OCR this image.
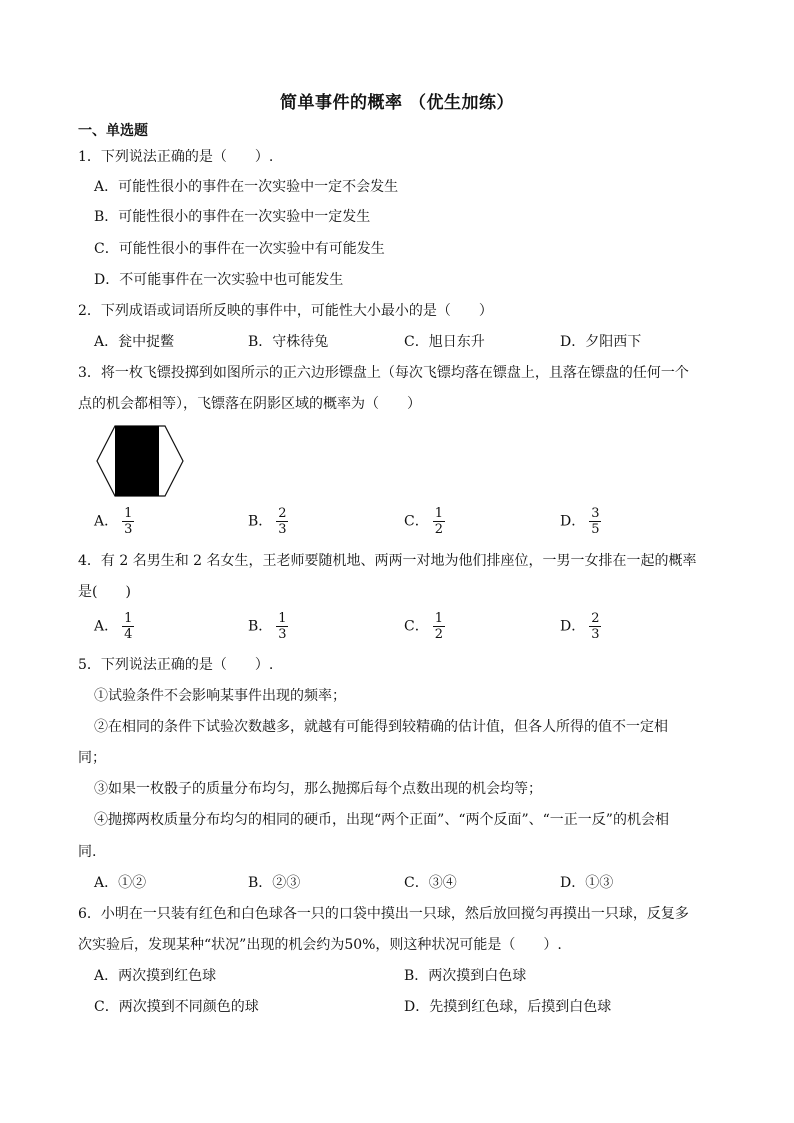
简单事件的概率 （优生加练）
一、单选题
1．下列说法正确的是（　　）.
A．可能性很小的事件在一次实验中一定不会发生
B．可能性很小的事件在一次实验中一定发生
C．可能性很小的事件在一次实验中有可能发生
D．不可能事件在一次实验中也可能发生
2．下列成语或词语所反映的事件中，可能性大小最小的是（　　）
A．瓮中捉鳖	B．守株待兔	C．旭日东升	D．夕阳西下
3．将一枚飞镖投掷到如图所示的正六边形镖盘上（每次飞镖均落在镖盘上，且落在镖盘的任何一个
点的机会都相等），飞镖落在阴影区域的概率为（　　）
A． $\frac{1}{3}$	B． $\frac{2}{3}$	C． $\frac{1}{2}$	D． $\frac{3}{5}$
4．有 2 名男生和 2 名女生，王老师要随机地、两两一对地为他们排座位，一男一女排在一起的概率
是(　　)
A． $\frac{1}{4}$	B． $\frac{1}{3}$	C． $\frac{1}{2}$	D． $\frac{2}{3}$
5．下列说法正确的是（　　）.
①试验条件不会影响某事件出现的频率；
②在相同的条件下试验次数越多，就越有可能得到较精确的估计值，但各人所得的值不一定相
同；
③如果一枚骰子的质量分布均匀，那么抛掷后每个点数出现的机会均等；
④抛掷两枚质量分布均匀的相同的硬币，出现“两个正面”、“两个反面”、“一正一反”的机会相
同.
A．①②	B．②③	C．③④	D．①③
6．小明在一只装有红色和白色球各一只的口袋中摸出一只球，然后放回搅匀再摸出一只球，反复多
次实验后，发现某种“状况”出现的机会约为50%，则这种状况可能是（　　）.
A．两次摸到红色球	B．两次摸到白色球
C．两次摸到不同颜色的球	D．先摸到红色球，后摸到白色球
